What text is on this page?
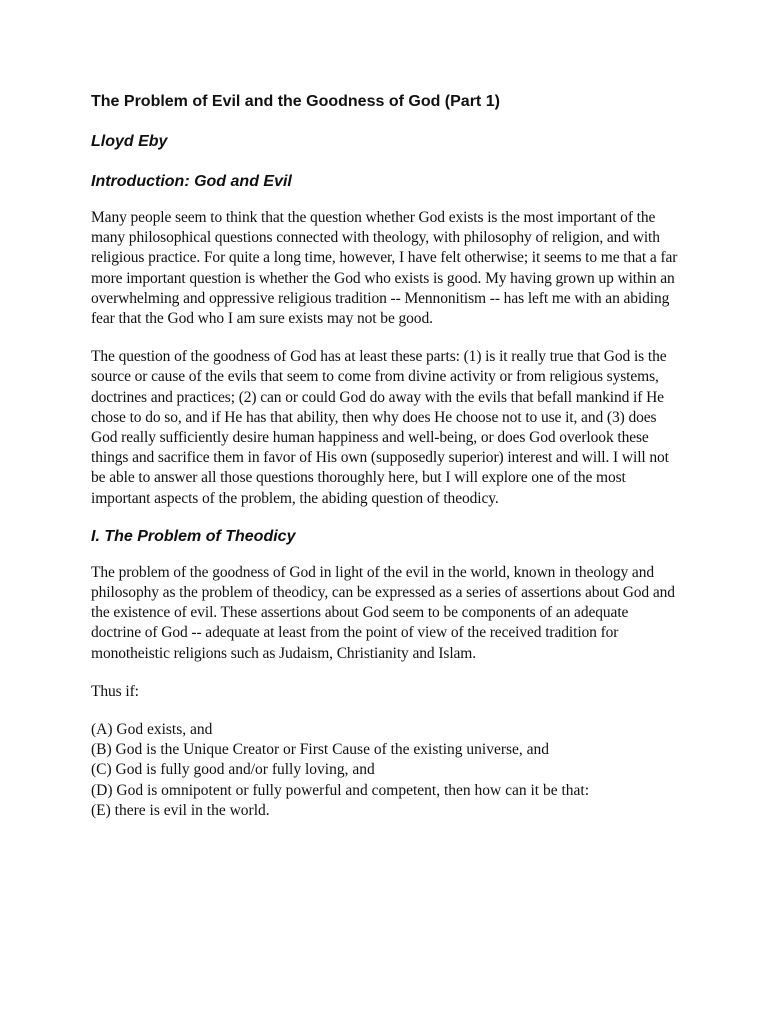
The Problem of Evil and the Goodness of God (Part 1)
Lloyd Eby
Introduction: God and Evil

Many people seem to think that the question whether God exists is the most important of the many philosophical questions connected with theology, with philosophy of religion, and with religious practice. For quite a long time, however, I have felt otherwise; it seems to me that a far more important question is whether the God who exists is good. My having grown up within an overwhelming and oppressive religious tradition -- Mennonitism -- has left me with an abiding fear that the God who I am sure exists may not be good.

The question of the goodness of God has at least these parts: (1) is it really true that God is the source or cause of the evils that seem to come from divine activity or from religious systems, doctrines and practices; (2) can or could God do away with the evils that befall mankind if He chose to do so, and if He has that ability, then why does He choose not to use it, and (3) does God really sufficiently desire human happiness and well-being, or does God overlook these things and sacrifice them in favor of His own (supposedly superior) interest and will. I will not be able to answer all those questions thoroughly here, but I will explore one of the most important aspects of the problem, the abiding question of theodicy.

I. The Problem of Theodicy

The problem of the goodness of God in light of the evil in the world, known in theology and philosophy as the problem of theodicy, can be expressed as a series of assertions about God and the existence of evil. These assertions about God seem to be components of an adequate doctrine of God -- adequate at least from the point of view of the received tradition for monotheistic religions such as Judaism, Christianity and Islam.

Thus if:

(A) God exists, and
(B) God is the Unique Creator or First Cause of the existing universe, and
(C) God is fully good and/or fully loving, and
(D) God is omnipotent or fully powerful and competent, then how can it be that:
(E) there is evil in the world.
